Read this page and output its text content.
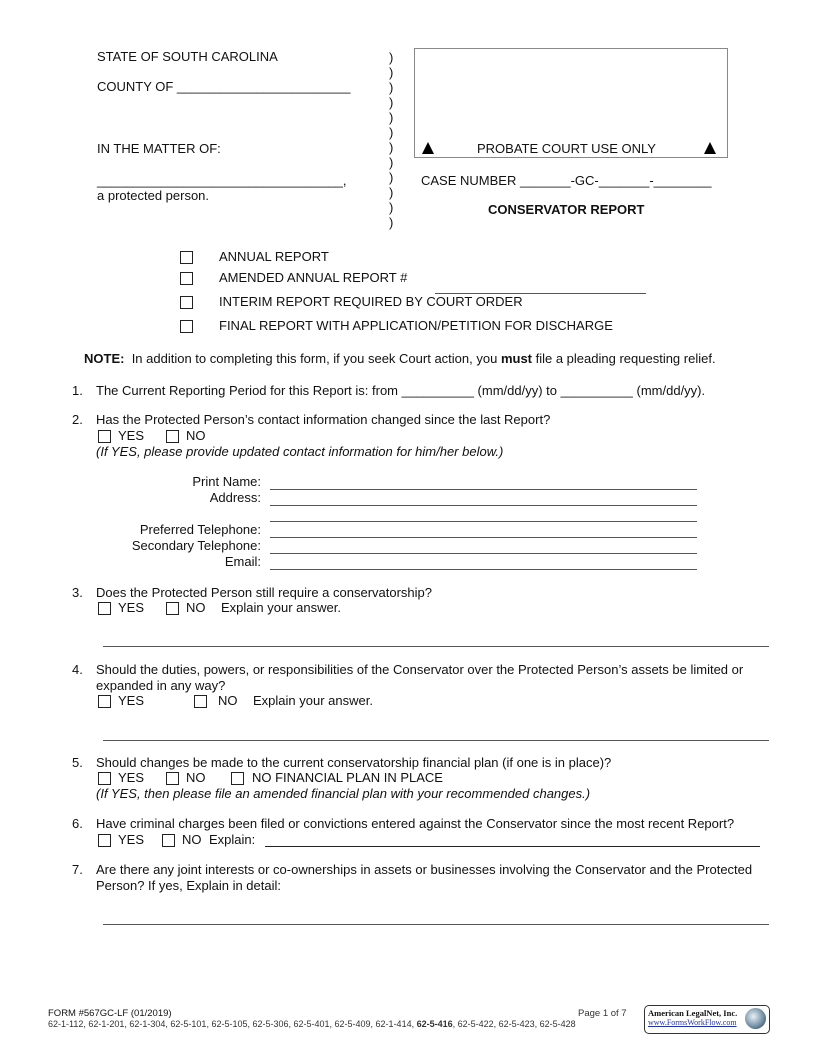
STATE OF SOUTH CAROLINA
COUNTY OF ________________________
IN THE MATTER OF:
__________________________________,
a protected person.
)
)
)
)
)
)
)
)
)
)
)
)
PROBATE COURT USE ONLY
CASE NUMBER _______-GC-_______-________
CONSERVATOR REPORT
ANNUAL REPORT
AMENDED ANNUAL REPORT #
INTERIM REPORT REQUIRED BY COURT ORDER
FINAL REPORT WITH APPLICATION/PETITION FOR DISCHARGE
NOTE: In addition to completing this form, if you seek Court action, you must file a pleading requesting relief.
1. The Current Reporting Period for this Report is: from __________ (mm/dd/yy) to __________ (mm/dd/yy).
2. Has the Protected Person’s contact information changed since the last Report?
YES	NO
(If YES, please provide updated contact information for him/her below.)
Print Name:
Address:
Preferred Telephone:
Secondary Telephone:
Email:
3. Does the Protected Person still require a conservatorship?
YES	NO Explain your answer.
4. Should the duties, powers, or responsibilities of the Conservator over the Protected Person’s assets be limited or
expanded in any way?
YES	NO Explain your answer.
5. Should changes be made to the current conservatorship financial plan (if one is in place)?
YES	NO	NO FINANCIAL PLAN IN PLACE
(If YES, then please file an amended financial plan with your recommended changes.)
6. Have criminal charges been filed or convictions entered against the Conservator since the most recent Report?
YES	NO Explain:
7. Are there any joint interests or co-ownerships in assets or businesses involving the Conservator and the Protected
Person? If yes, Explain in detail:
FORM #567GC-LF (01/2019)	Page 1 of 7
62-1-112, 62-1-201, 62-1-304, 62-5-101, 62-5-105, 62-5-306, 62-5-401, 62-5-409, 62-1-414, 62-5-416, 62-5-422, 62-5-423, 62-5-428
American LegalNet, Inc.
www.FormsWorkFlow.com
